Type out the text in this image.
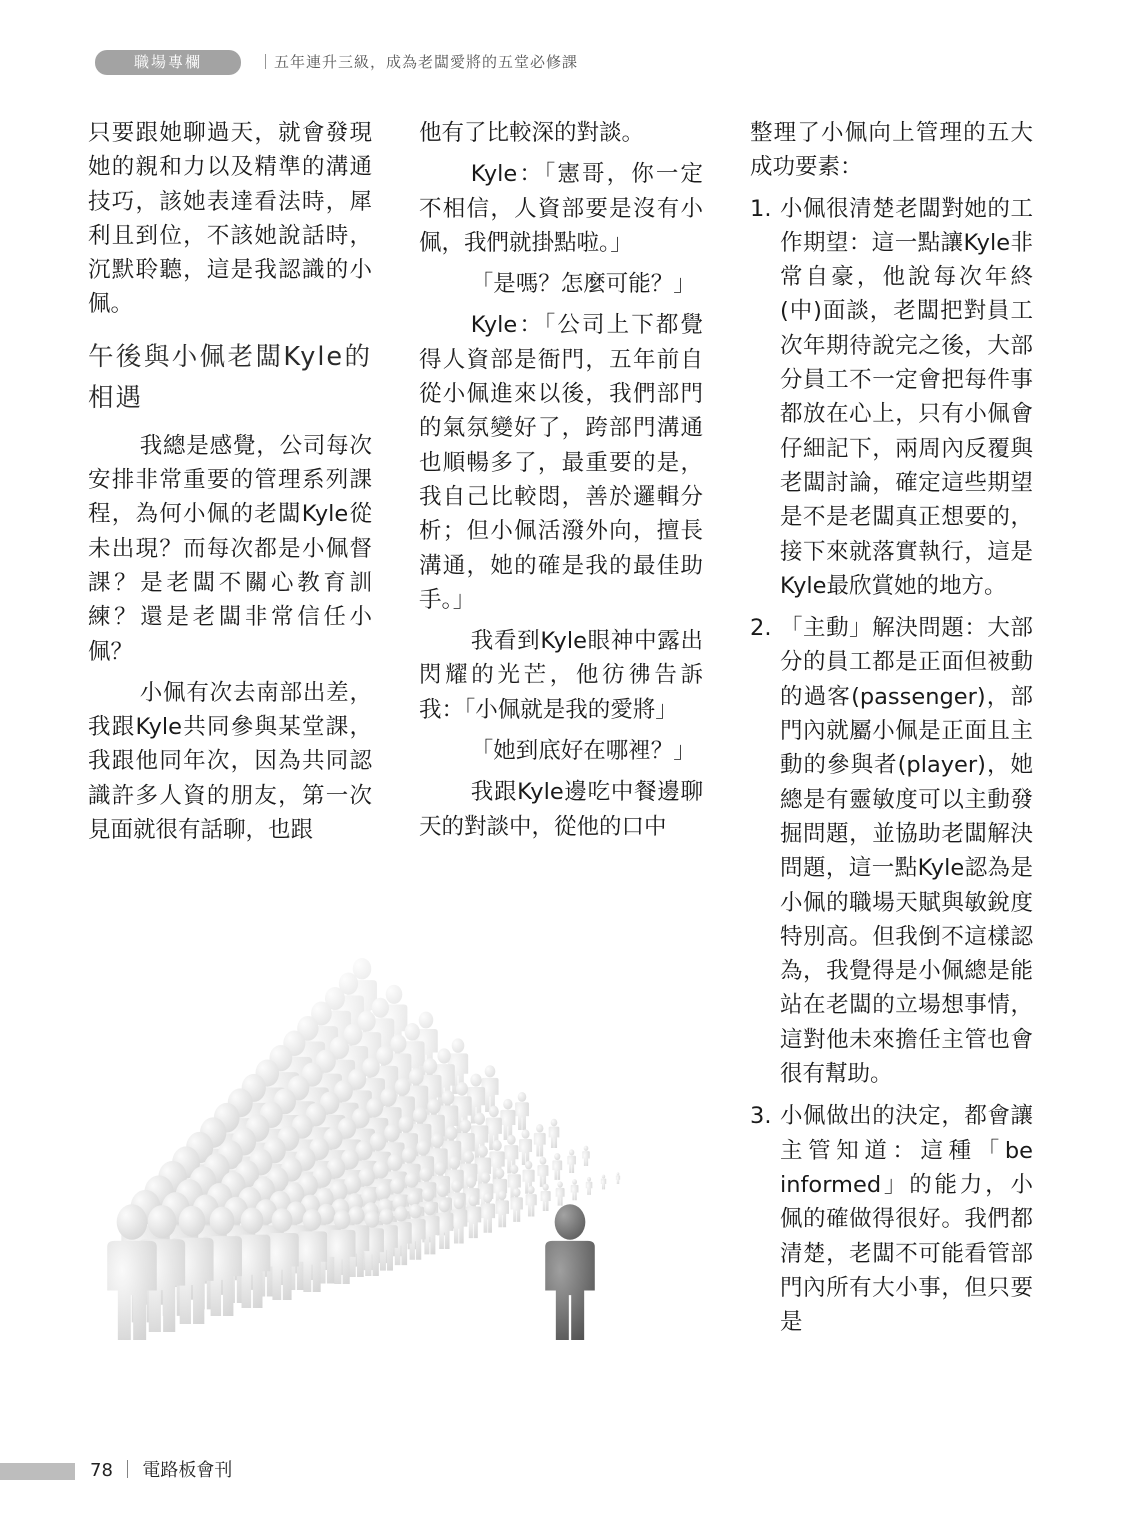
職場專欄	｜五年連升三級，成為老闆愛將的五堂必修課

只要跟她聊過天，就會發現她的親和力以及精準的溝通技巧，該她表達看法時，犀利且到位，不該她說話時，沉默聆聽，這是我認識的小佩。

午後與小佩老闆Kyle的相遇

我總是感覺，公司每次安排非常重要的管理系列課程，為何小佩的老闆Kyle從未出現？而每次都是小佩督課？是老闆不關心教育訓練？還是老闆非常信任小佩？

小佩有次去南部出差，我跟Kyle共同參與某堂課，我跟他同年次，因為共同認識許多人資的朋友，第一次見面就很有話聊，也跟

他有了比較深的對談。

Kyle：「憲哥，你一定不相信，人資部要是沒有小佩，我們就掛點啦。」

「是嗎？怎麼可能？」

Kyle：「公司上下都覺得人資部是衙門，五年前自從小佩進來以後，我們部門的氣氛變好了，跨部門溝通也順暢多了，最重要的是，我自己比較悶，善於邏輯分析；但小佩活潑外向，擅長溝通，她的確是我的最佳助手。」

我看到Kyle眼神中露出閃耀的光芒，他彷彿告訴我：「小佩就是我的愛將」

「她到底好在哪裡？」

我跟Kyle邊吃中餐邊聊天的對談中，從他的口中

整理了小佩向上管理的五大成功要素：

1. 小佩很清楚老闆對她的工作期望：這一點讓Kyle非常自豪，他說每次年終(中)面談，老闆把對員工次年期待說完之後，大部分員工不一定會把每件事都放在心上，只有小佩會仔細記下，兩周內反覆與老闆討論，確定這些期望是不是老闆真正想要的，接下來就落實執行，這是Kyle最欣賞她的地方。
2. 「主動」解決問題：大部分的員工都是正面但被動的過客(passenger)，部門內就屬小佩是正面且主動的參與者(player)，她總是有靈敏度可以主動發掘問題，並協助老闆解決問題，這一點Kyle認為是小佩的職場天賦與敏銳度特別高。但我倒不這樣認為，我覺得是小佩總是能站在老闆的立場想事情，這對他未來擔任主管也會很有幫助。
3. 小佩做出的決定，都會讓主管知道：這種「be informed」的能力，小佩的確做得很好。我們都清楚，老闆不可能看管部門內所有大小事，但只要是
78 ｜ 電路板會刊
